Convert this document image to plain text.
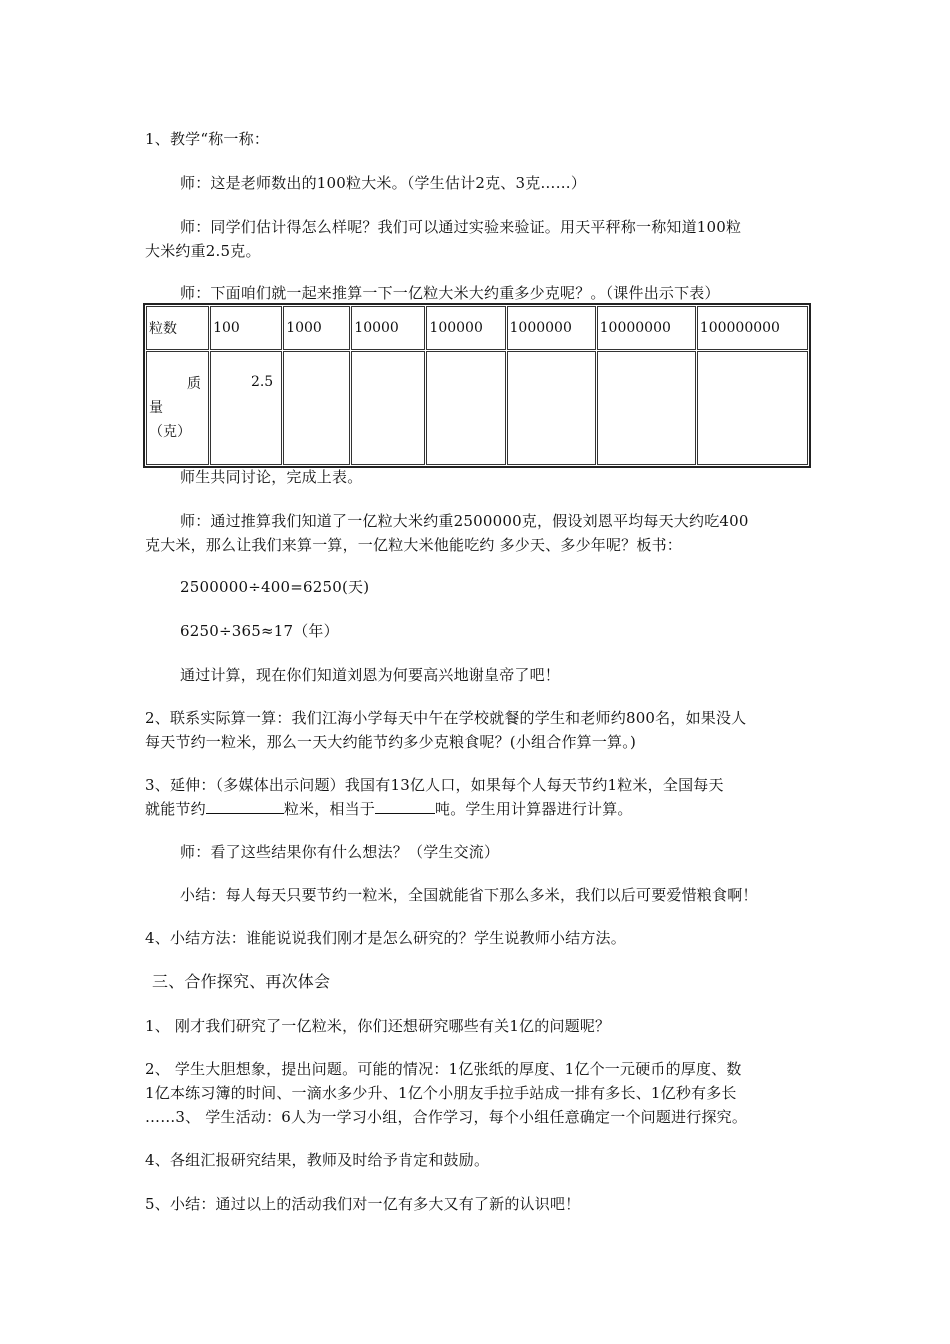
1、教学“称一称：
师：这是老师数出的100粒大米。（学生估计2克、3克……）
师：同学们估计得怎么样呢？我们可以通过实验来验证。用天平秤称一称知道100粒
大米约重2.5克。
师：下面咱们就一起来推算一下一亿粒大米大约重多少克呢？。（课件出示下表）
粒数	100	1000	10000	100000	1000000	10000000	100000000

质
量
（克）	2.5						
师生共同讨论，完成上表。
师：通过推算我们知道了一亿粒大米约重2500000克，假设刘恩平均每天大约吃400
克大米，那么让我们来算一算，一亿粒大米他能吃约 多少天、多少年呢？板书：
2500000÷400=6250(天)
6250÷365≈17（年）
通过计算，现在你们知道刘恩为何要高兴地谢皇帝了吧！
2、联系实际算一算：我们江海小学每天中午在学校就餐的学生和老师约800名，如果没人
每天节约一粒米，那么一天大约能节约多少克粮食呢？(小组合作算一算。)
3、延伸：（多媒体出示问题）我国有13亿人口，如果每个人每天节约1粒米，全国每天
就能节约	粒米，相当于	吨。学生用计算器进行计算。
师：看了这些结果你有什么想法？（学生交流）
小结：每人每天只要节约一粒米，全国就能省下那么多米，我们以后可要爱惜粮食啊！
4、小结方法：谁能说说我们刚才是怎么研究的？学生说教师小结方法。
三、合作探究、再次体会
1、 刚才我们研究了一亿粒米，你们还想研究哪些有关1亿的问题呢？
2、 学生大胆想象，提出问题。可能的情况：1亿张纸的厚度、1亿个一元硬币的厚度、数
1亿本练习簿的时间、一滴水多少升、1亿个小朋友手拉手站成一排有多长、1亿秒有多长
……3、 学生活动：6人为一学习小组，合作学习，每个小组任意确定一个问题进行探究。
4、各组汇报研究结果，教师及时给予肯定和鼓励。
5、小结：通过以上的活动我们对一亿有多大又有了新的认识吧！
